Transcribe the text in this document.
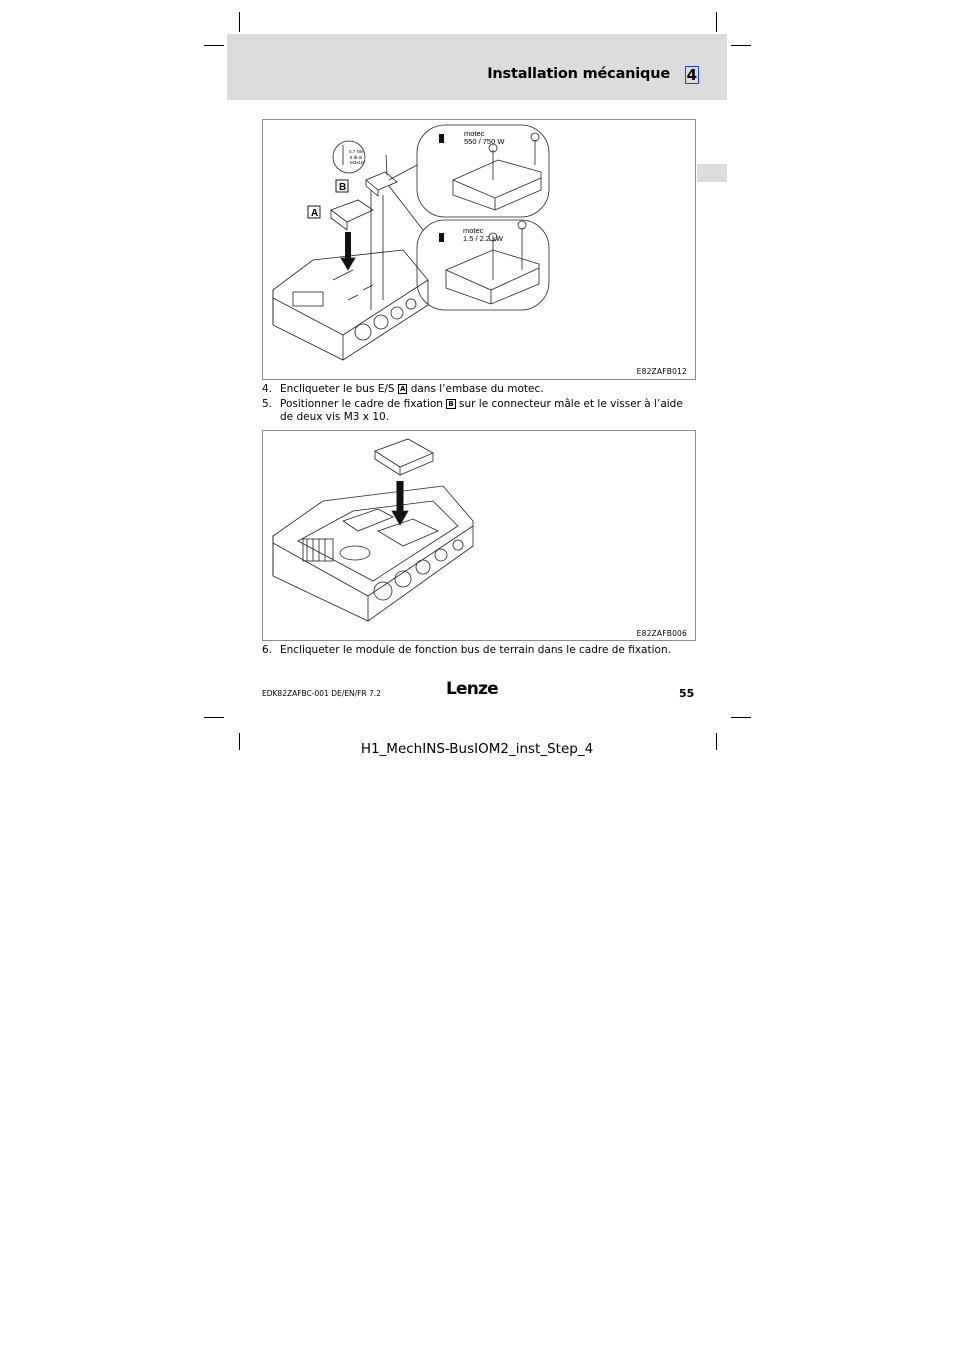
Installation mécanique 4
A
B
0,7 Nm
6 lb-in
M3x10
motec
550 / 750 W
motec
1.5 / 2.2 kW
E82ZAFB012
4. Encliqueter le bus E/S A dans l’embase du motec.
5. Positionner le cadre de fixation B sur le connecteur mâle et le visser à l’aide de deux vis M3 x 10.
E82ZAFB006
6. Encliqueter le module de fonction bus de terrain dans le cadre de fixation.
EDK82ZAFBC-001 DE/EN/FR 7.2	Lenze	55
H1_MechINS-BusIOM2_inst_Step_4
